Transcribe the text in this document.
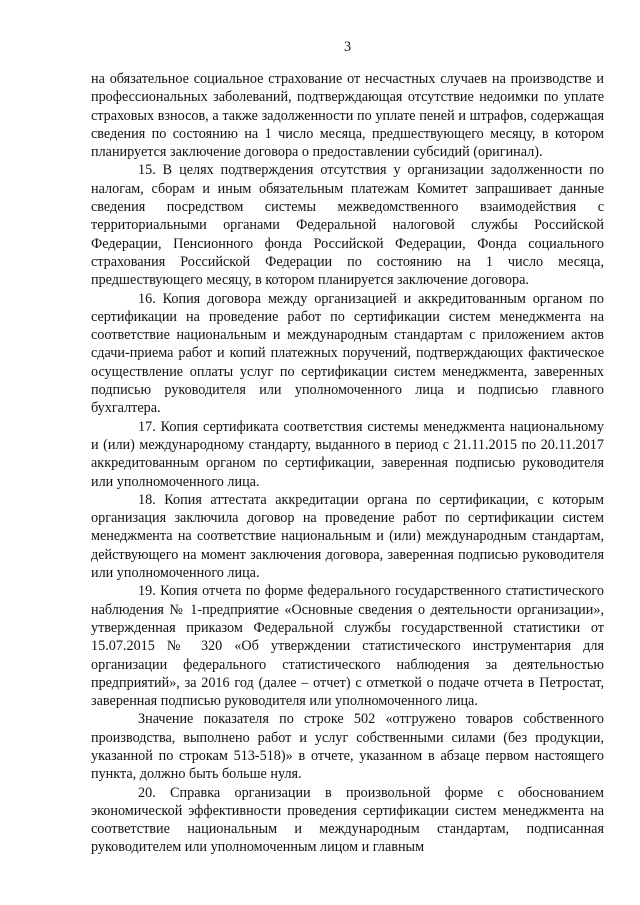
3

на обязательное социальное страхование от несчастных случаев на производстве и профессиональных заболеваний, подтверждающая отсутствие недоимки по уплате страховых взносов, а также задолженности по уплате пеней и штрафов, содержащая сведения по состоянию на 1 число месяца, предшествующего месяцу, в котором планируется заключение договора о предоставлении субсидий (оригинал).

15. В целях подтверждения отсутствия у организации задолженности по налогам, сборам и иным обязательным платежам Комитет запрашивает данные сведения посредством системы межведомственного взаимодействия с территориальными органами Федеральной налоговой службы Российской Федерации, Пенсионного фонда Российской Федерации, Фонда социального страхования Российской Федерации по состоянию на 1 число месяца, предшествующего месяцу, в котором планируется заключение договора.

16. Копия договора между организацией и аккредитованным органом по сертификации на проведение работ по сертификации систем менеджмента на соответствие национальным и международным стандартам с приложением актов сдачи-приема работ и копий платежных поручений, подтверждающих фактическое осуществление оплаты услуг по сертификации систем менеджмента, заверенных подписью руководителя или уполномоченного лица и подписью главного бухгалтера.

17. Копия сертификата соответствия системы менеджмента национальному и (или) международному стандарту, выданного в период с 21.11.2015 по 20.11.2017 аккредитованным органом по сертификации, заверенная подписью руководителя или уполномоченного лица.

18. Копия аттестата аккредитации органа по сертификации, с которым организация заключила договор на проведение работ по сертификации систем менеджмента на соответствие национальным и (или) международным стандартам, действующего на момент заключения договора, заверенная подписью руководителя или уполномоченного лица.

19. Копия отчета по форме федерального государственного статистического наблюдения № 1-предприятие «Основные сведения о деятельности организации», утвержденная приказом Федеральной службы государственной статистики от 15.07.2015 № 320 «Об утверждении статистического инструментария для организации федерального статистического наблюдения за деятельностью предприятий», за 2016 год (далее – отчет) с отметкой о подаче отчета в Петростат, заверенная подписью руководителя или уполномоченного лица.

Значение показателя по строке 502 «отгружено товаров собственного производства, выполнено работ и услуг собственными силами (без продукции, указанной по строкам 513-518)» в отчете, указанном в абзаце первом настоящего пункта, должно быть больше нуля.

20. Справка организации в произвольной форме с обоснованием экономической эффективности проведения сертификации систем менеджмента на соответствие национальным и международным стандартам, подписанная руководителем или уполномоченным лицом и главным
